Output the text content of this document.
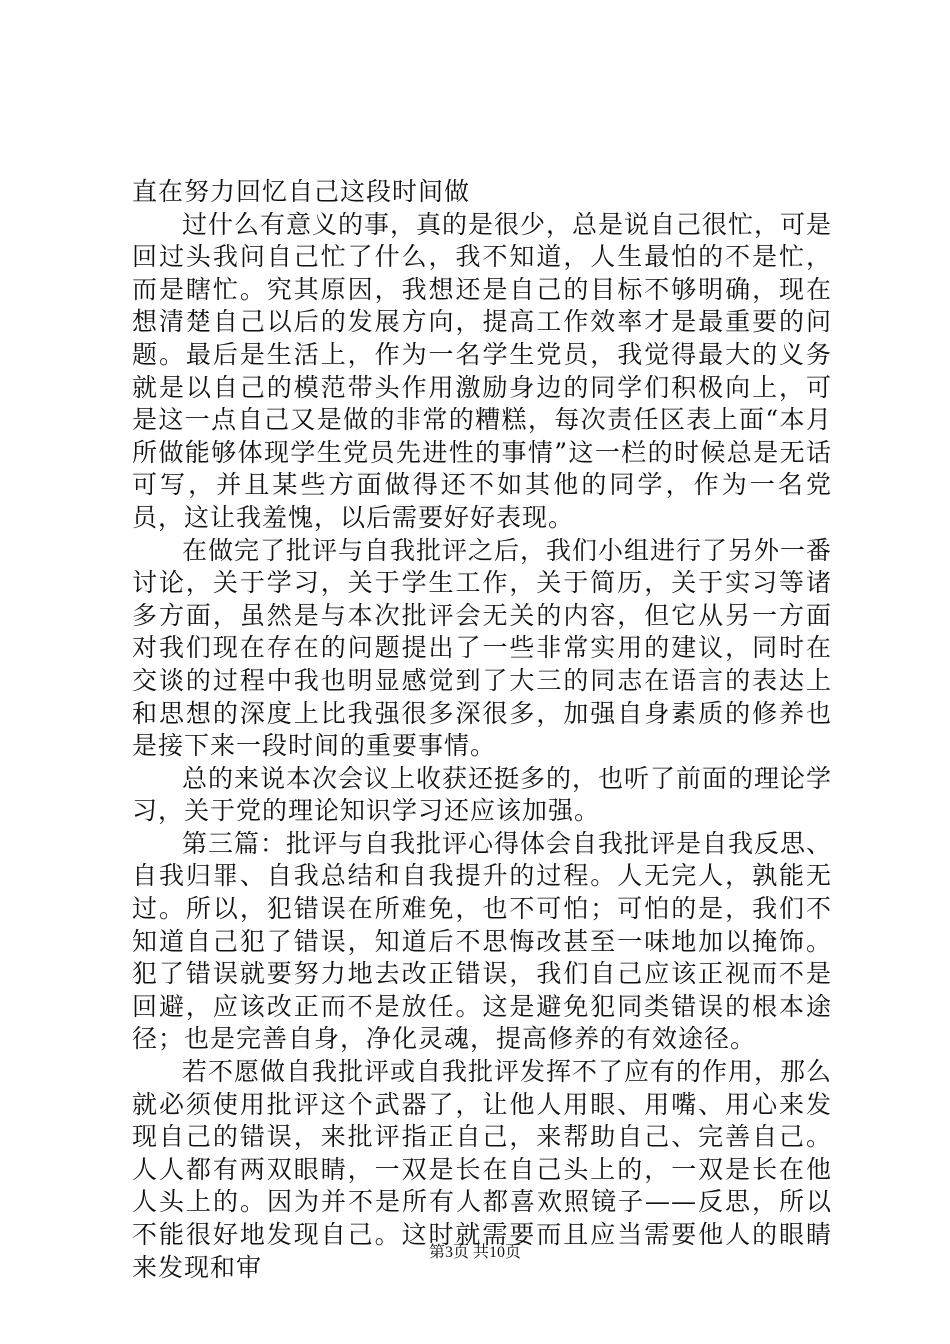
直在努力回忆自己这段时间做

过什么有意义的事，真的是很少，总是说自己很忙，可是回过头我问自己忙了什么，我不知道，人生最怕的不是忙，而是瞎忙。究其原因，我想还是自己的目标不够明确，现在想清楚自己以后的发展方向，提高工作效率才是最重要的问题。最后是生活上，作为一名学生党员，我觉得最大的义务就是以自己的模范带头作用激励身边的同学们积极向上，可是这一点自己又是做的非常的糟糕，每次责任区表上面“本月所做能够体现学生党员先进性的事情”这一栏的时候总是无话可写，并且某些方面做得还不如其他的同学，作为一名党员，这让我羞愧，以后需要好好表现。

在做完了批评与自我批评之后，我们小组进行了另外一番讨论，关于学习，关于学生工作，关于简历，关于实习等诸多方面，虽然是与本次批评会无关的内容，但它从另一方面对我们现在存在的问题提出了一些非常实用的建议，同时在交谈的过程中我也明显感觉到了大三的同志在语言的表达上和思想的深度上比我强很多深很多，加强自身素质的修养也是接下来一段时间的重要事情。

总的来说本次会议上收获还挺多的，也听了前面的理论学习，关于党的理论知识学习还应该加强。

第三篇：批评与自我批评心得体会自我批评是自我反思、自我归罪、自我总结和自我提升的过程。人无完人，孰能无过。所以，犯错误在所难免，也不可怕；可怕的是，我们不知道自己犯了错误，知道后不思悔改甚至一味地加以掩饰。犯了错误就要努力地去改正错误，我们自己应该正视而不是回避，应该改正而不是放任。这是避免犯同类错误的根本途径；也是完善自身，净化灵魂，提高修养的有效途径。

若不愿做自我批评或自我批评发挥不了应有的作用，那么就必须使用批评这个武器了，让他人用眼、用嘴、用心来发现自己的错误，来批评指正自己，来帮助自己、完善自己。人人都有两双眼睛，一双是长在自己头上的，一双是长在他人头上的。因为并不是所有人都喜欢照镜子——反思，所以不能很好地发现自己。这时就需要而且应当需要他人的眼睛来发现和审

第3页 共10页
